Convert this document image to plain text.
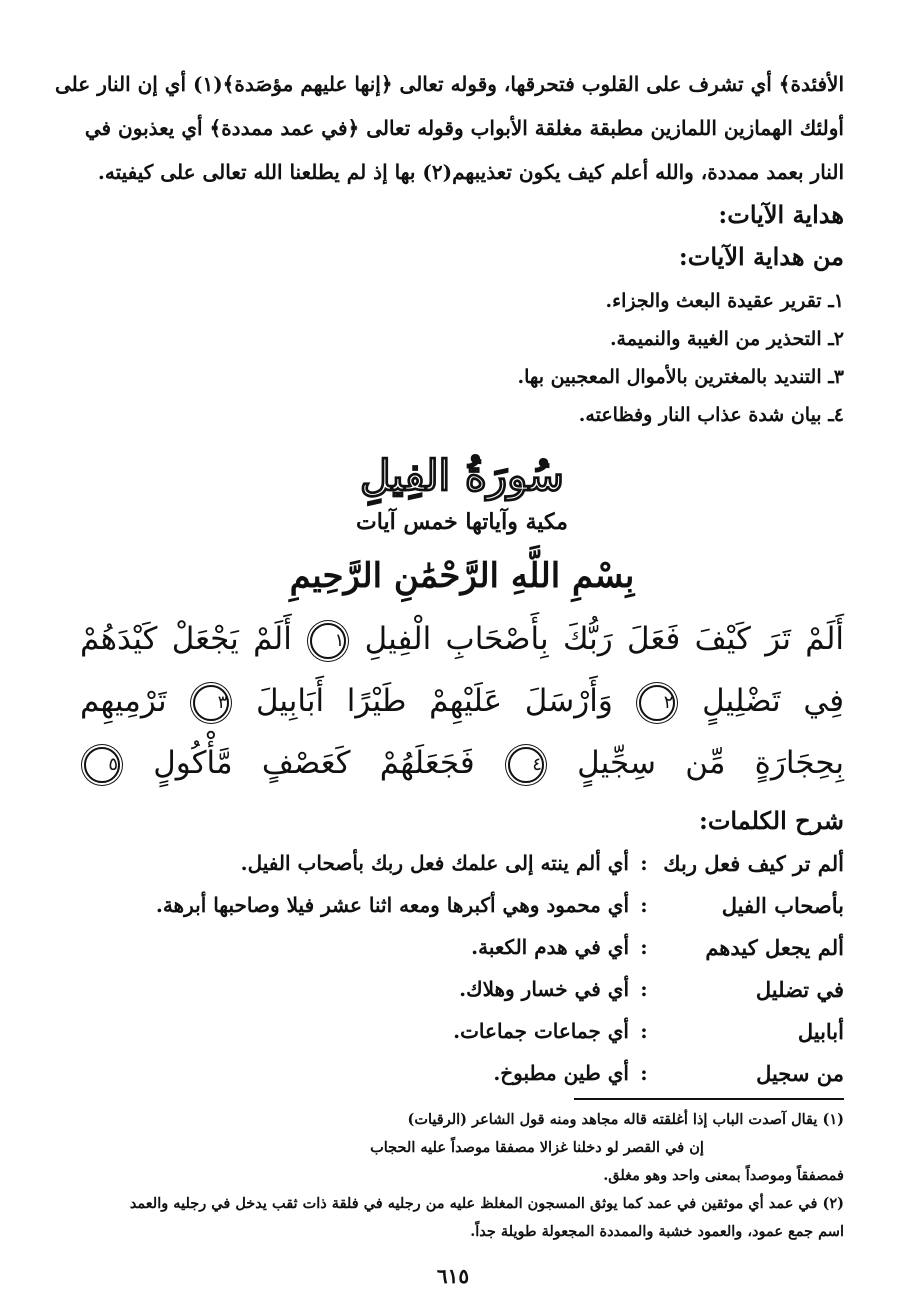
الأفئدة﴾ أي تشرف على القلوب فتحرقها، وقوله تعالى ﴿إنها عليهم مؤصَدة﴾(١) أي إن النار على
أولئك الهمازين اللمازين مطبقة مغلقة الأبواب وقوله تعالى ﴿في عمد ممددة﴾ أي يعذبون في
النار بعمد ممددة، والله أعلم كيف يكون تعذيبهم(٢) بها إذ لم يطلعنا الله تعالى على كيفيته.
هداية الآيات:
من هداية الآيات:
١ـ تقرير عقيدة البعث والجزاء.
٢ـ التحذير من الغيبة والنميمة.
٣ـ التنديد بالمغترين بالأموال المعجبين بها.
٤ـ بيان شدة عذاب النار وفظاعته.
سُورَةُ الفِيلِ
مكية وآياتها خمس آيات
بِسْمِ اللَّهِ الرَّحْمَٰنِ الرَّحِيمِ
أَلَمْ تَرَ كَيْفَ فَعَلَ رَبُّكَ بِأَصْحَابِ الْفِيلِ ١ أَلَمْ يَجْعَلْ كَيْدَهُمْ
فِي تَضْلِيلٍ ٢ وَأَرْسَلَ عَلَيْهِمْ طَيْرًا أَبَابِيلَ ٣ تَرْمِيهِم
بِحِجَارَةٍ مِّن سِجِّيلٍ ٤ فَجَعَلَهُمْ كَعَصْفٍ مَّأْكُولٍ ٥
شرح الكلمات:
ألم تر كيف فعل ربك	:	أي ألم ينته إلى علمك فعل ربك بأصحاب الفيل.
بأصحاب الفيل	:	أي محمود وهي أكبرها ومعه اثنا عشر فيلا وصاحبها أبرهة.
ألم يجعل كيدهم	:	أي في هدم الكعبة.
في تضليل	:	أي في خسار وهلاك.
أبابيل	:	أي جماعات جماعات.
من سجيل	:	أي طين مطبوخ.

(١) يقال آصدت الباب إذا أغلقته قاله مجاهد ومنه قول الشاعر (الرقيات)

إن في القصر لو دخلنا غزالا مصفقا موصداً عليه الحجاب

فمصفقاً وموصداً بمعنى واحد وهو مغلق.

(٢) في عمد أي موثقين في عمد كما يوثق المسجون المغلظ عليه من رجليه في فلقة ذات ثقب يدخل في رجليه والعمد

اسم جمع عمود، والعمود خشبة والممددة المجعولة طويلة جداً.

٦١٥
